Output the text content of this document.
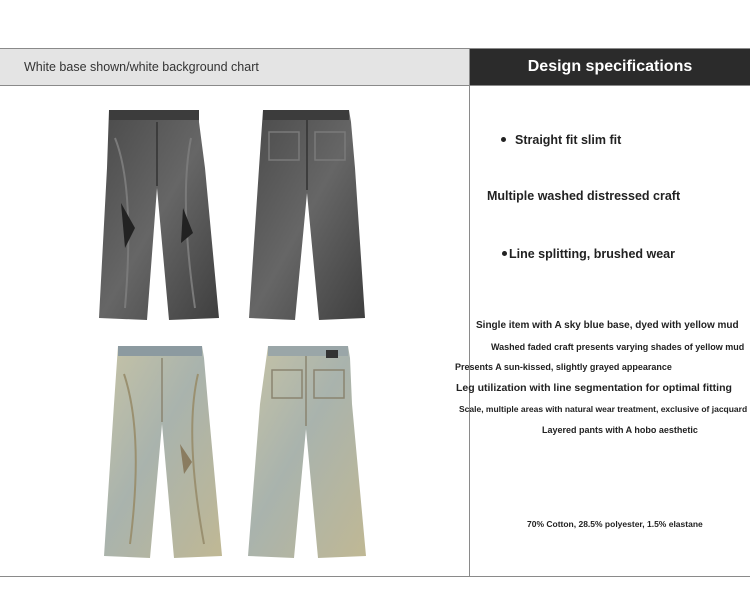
White base shown/white background chart	Design specifications
Straight fit slim fit
Multiple washed distressed craft
Line splitting, brushed wear
Single item with A sky blue base, dyed with yellow mud
Washed faded craft presents varying shades of yellow mud
Presents A sun-kissed, slightly grayed appearance
Leg utilization with line segmentation for optimal fitting
Scale, multiple areas with natural wear treatment, exclusive of jacquard
Layered pants with A hobo aesthetic
70% Cotton, 28.5% polyester, 1.5% elastane
